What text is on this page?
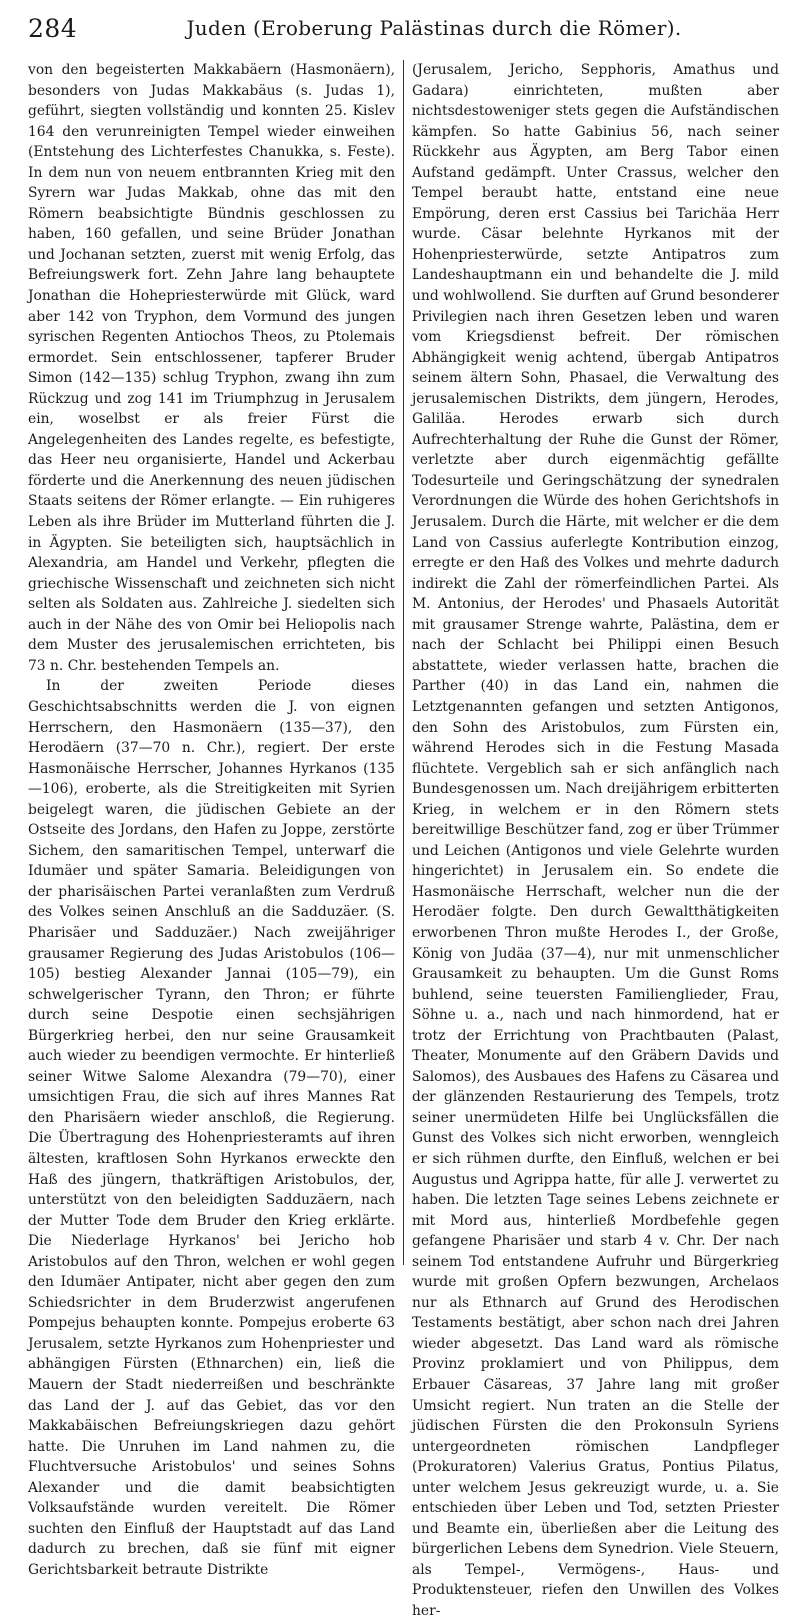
284	Juden (Eroberung Palästinas durch die Römer).

von den begeisterten Makkabäern (Hasmonäern), besonders von Judas Makkabäus (s. Judas 1), geführt, siegten vollständig und konnten 25. Kislev 164 den verunreinigten Tempel wieder einweihen (Entstehung des Lichterfestes Chanukka, s. Feste). In dem nun von neuem entbrannten Krieg mit den Syrern war Judas Makkab, ohne das mit den Römern beabsichtigte Bündnis geschlossen zu haben, 160 gefallen, und seine Brüder Jonathan und Jochanan setzten, zuerst mit wenig Erfolg, das Befreiungswerk fort. Zehn Jahre lang behauptete Jonathan die Hohepriesterwürde mit Glück, ward aber 142 von Tryphon, dem Vormund des jungen syrischen Regenten Antiochos Theos, zu Ptolemais ermordet. Sein entschlossener, tapferer Bruder Simon (142—135) schlug Tryphon, zwang ihn zum Rückzug und zog 141 im Triumphzug in Jerusalem ein, woselbst er als freier Fürst die Angelegenheiten des Landes regelte, es befestigte, das Heer neu organisierte, Handel und Ackerbau förderte und die Anerkennung des neuen jüdischen Staats seitens der Römer erlangte. — Ein ruhigeres Leben als ihre Brüder im Mutterland führten die J. in Ägypten. Sie beteiligten sich, hauptsächlich in Alexandria, am Handel und Verkehr, pflegten die griechische Wissenschaft und zeichneten sich nicht selten als Soldaten aus. Zahlreiche J. siedelten sich auch in der Nähe des von Omir bei Heliopolis nach dem Muster des jerusalemischen errichteten, bis 73 n. Chr. bestehenden Tempels an.

In der zweiten Periode dieses Geschichtsabschnitts werden die J. von eignen Herrschern, den Hasmonäern (135—37), den Herodäern (37—70 n. Chr.), regiert. Der erste Hasmonäische Herrscher, Johannes Hyrkanos (135—106), eroberte, als die Streitigkeiten mit Syrien beigelegt waren, die jüdischen Gebiete an der Ostseite des Jordans, den Hafen zu Joppe, zerstörte Sichem, den samaritischen Tempel, unterwarf die Idumäer und später Samaria. Beleidigungen von der pharisäischen Partei veranlaßten zum Verdruß des Volkes seinen Anschluß an die Sadduzäer. (S. Pharisäer und Sadduzäer.) Nach zweijähriger grausamer Regierung des Judas Aristobulos (106—105) bestieg Alexander Jannai (105—79), ein schwelgerischer Tyrann, den Thron; er führte durch seine Despotie einen sechsjährigen Bürgerkrieg herbei, den nur seine Grausamkeit auch wieder zu beendigen vermochte. Er hinterließ seiner Witwe Salome Alexandra (79—70), einer umsichtigen Frau, die sich auf ihres Mannes Rat den Pharisäern wieder anschloß, die Regierung. Die Übertragung des Hohenpriesteramts auf ihren ältesten, kraftlosen Sohn Hyrkanos erweckte den Haß des jüngern, thatkräftigen Aristobulos, der, unterstützt von den beleidigten Sadduzäern, nach der Mutter Tode dem Bruder den Krieg erklärte. Die Niederlage Hyrkanos' bei Jericho hob Aristobulos auf den Thron, welchen er wohl gegen den Idumäer Antipater, nicht aber gegen den zum Schiedsrichter in dem Bruderzwist angerufenen Pompejus behaupten konnte. Pompejus eroberte 63 Jerusalem, setzte Hyrkanos zum Hohenpriester und abhängigen Fürsten (Ethnarchen) ein, ließ die Mauern der Stadt niederreißen und beschränkte das Land der J. auf das Gebiet, das vor den Makkabäischen Befreiungskriegen dazu gehört hatte. Die Unruhen im Land nahmen zu, die Fluchtversuche Aristobulos' und seines Sohns Alexander und die damit beabsichtigten Volksaufstände wurden vereitelt. Die Römer suchten den Einfluß der Hauptstadt auf das Land dadurch zu brechen, daß sie fünf mit eigner Gerichtsbarkeit betraute Distrikte

(Jerusalem, Jericho, Sepphoris, Amathus und Gadara) einrichteten, mußten aber nichtsdestoweniger stets gegen die Aufständischen kämpfen. So hatte Gabinius 56, nach seiner Rückkehr aus Ägypten, am Berg Tabor einen Aufstand gedämpft. Unter Crassus, welcher den Tempel beraubt hatte, entstand eine neue Empörung, deren erst Cassius bei Tarichäa Herr wurde. Cäsar belehnte Hyrkanos mit der Hohenpriesterwürde, setzte Antipatros zum Landeshauptmann ein und behandelte die J. mild und wohlwollend. Sie durften auf Grund besonderer Privilegien nach ihren Gesetzen leben und waren vom Kriegsdienst befreit. Der römischen Abhängigkeit wenig achtend, übergab Antipatros seinem ältern Sohn, Phasael, die Verwaltung des jerusalemischen Distrikts, dem jüngern, Herodes, Galiläa. Herodes erwarb sich durch Aufrechterhaltung der Ruhe die Gunst der Römer, verletzte aber durch eigenmächtig gefällte Todesurteile und Geringschätzung der synedralen Verordnungen die Würde des hohen Gerichtshofs in Jerusalem. Durch die Härte, mit welcher er die dem Land von Cassius auferlegte Kontribution einzog, erregte er den Haß des Volkes und mehrte dadurch indirekt die Zahl der römerfeindlichen Partei. Als M. Antonius, der Herodes' und Phasaels Autorität mit grausamer Strenge wahrte, Palästina, dem er nach der Schlacht bei Philippi einen Besuch abstattete, wieder verlassen hatte, brachen die Parther (40) in das Land ein, nahmen die Letztgenannten gefangen und setzten Antigonos, den Sohn des Aristobulos, zum Fürsten ein, während Herodes sich in die Festung Masada flüchtete. Vergeblich sah er sich anfänglich nach Bundesgenossen um. Nach dreijährigem erbitterten Krieg, in welchem er in den Römern stets bereitwillige Beschützer fand, zog er über Trümmer und Leichen (Antigonos und viele Gelehrte wurden hingerichtet) in Jerusalem ein. So endete die Hasmonäische Herrschaft, welcher nun die der Herodäer folgte. Den durch Gewaltthätigkeiten erworbenen Thron mußte Herodes I., der Große, König von Judäa (37—4), nur mit unmenschlicher Grausamkeit zu behaupten. Um die Gunst Roms buhlend, seine teuersten Familienglieder, Frau, Söhne u. a., nach und nach hinmordend, hat er trotz der Errichtung von Prachtbauten (Palast, Theater, Monumente auf den Gräbern Davids und Salomos), des Ausbaues des Hafens zu Cäsarea und der glänzenden Restaurierung des Tempels, trotz seiner unermüdeten Hilfe bei Unglücksfällen die Gunst des Volkes sich nicht erworben, wenngleich er sich rühmen durfte, den Einfluß, welchen er bei Augustus und Agrippa hatte, für alle J. verwertet zu haben. Die letzten Tage seines Lebens zeichnete er mit Mord aus, hinterließ Mordbefehle gegen gefangene Pharisäer und starb 4 v. Chr. Der nach seinem Tod entstandene Aufruhr und Bürgerkrieg wurde mit großen Opfern bezwungen, Archelaos nur als Ethnarch auf Grund des Herodischen Testaments bestätigt, aber schon nach drei Jahren wieder abgesetzt. Das Land ward als römische Provinz proklamiert und von Philippus, dem Erbauer Cäsareas, 37 Jahre lang mit großer Umsicht regiert. Nun traten an die Stelle der jüdischen Fürsten die den Prokonsuln Syriens untergeordneten römischen Landpfleger (Prokuratoren) Valerius Gratus, Pontius Pilatus, unter welchem Jesus gekreuzigt wurde, u. a. Sie entschieden über Leben und Tod, setzten Priester und Beamte ein, überließen aber die Leitung des bürgerlichen Lebens dem Synedrion. Viele Steuern, als Tempel-, Vermögens-, Haus- und Produktensteuer, riefen den Unwillen des Volkes her-
